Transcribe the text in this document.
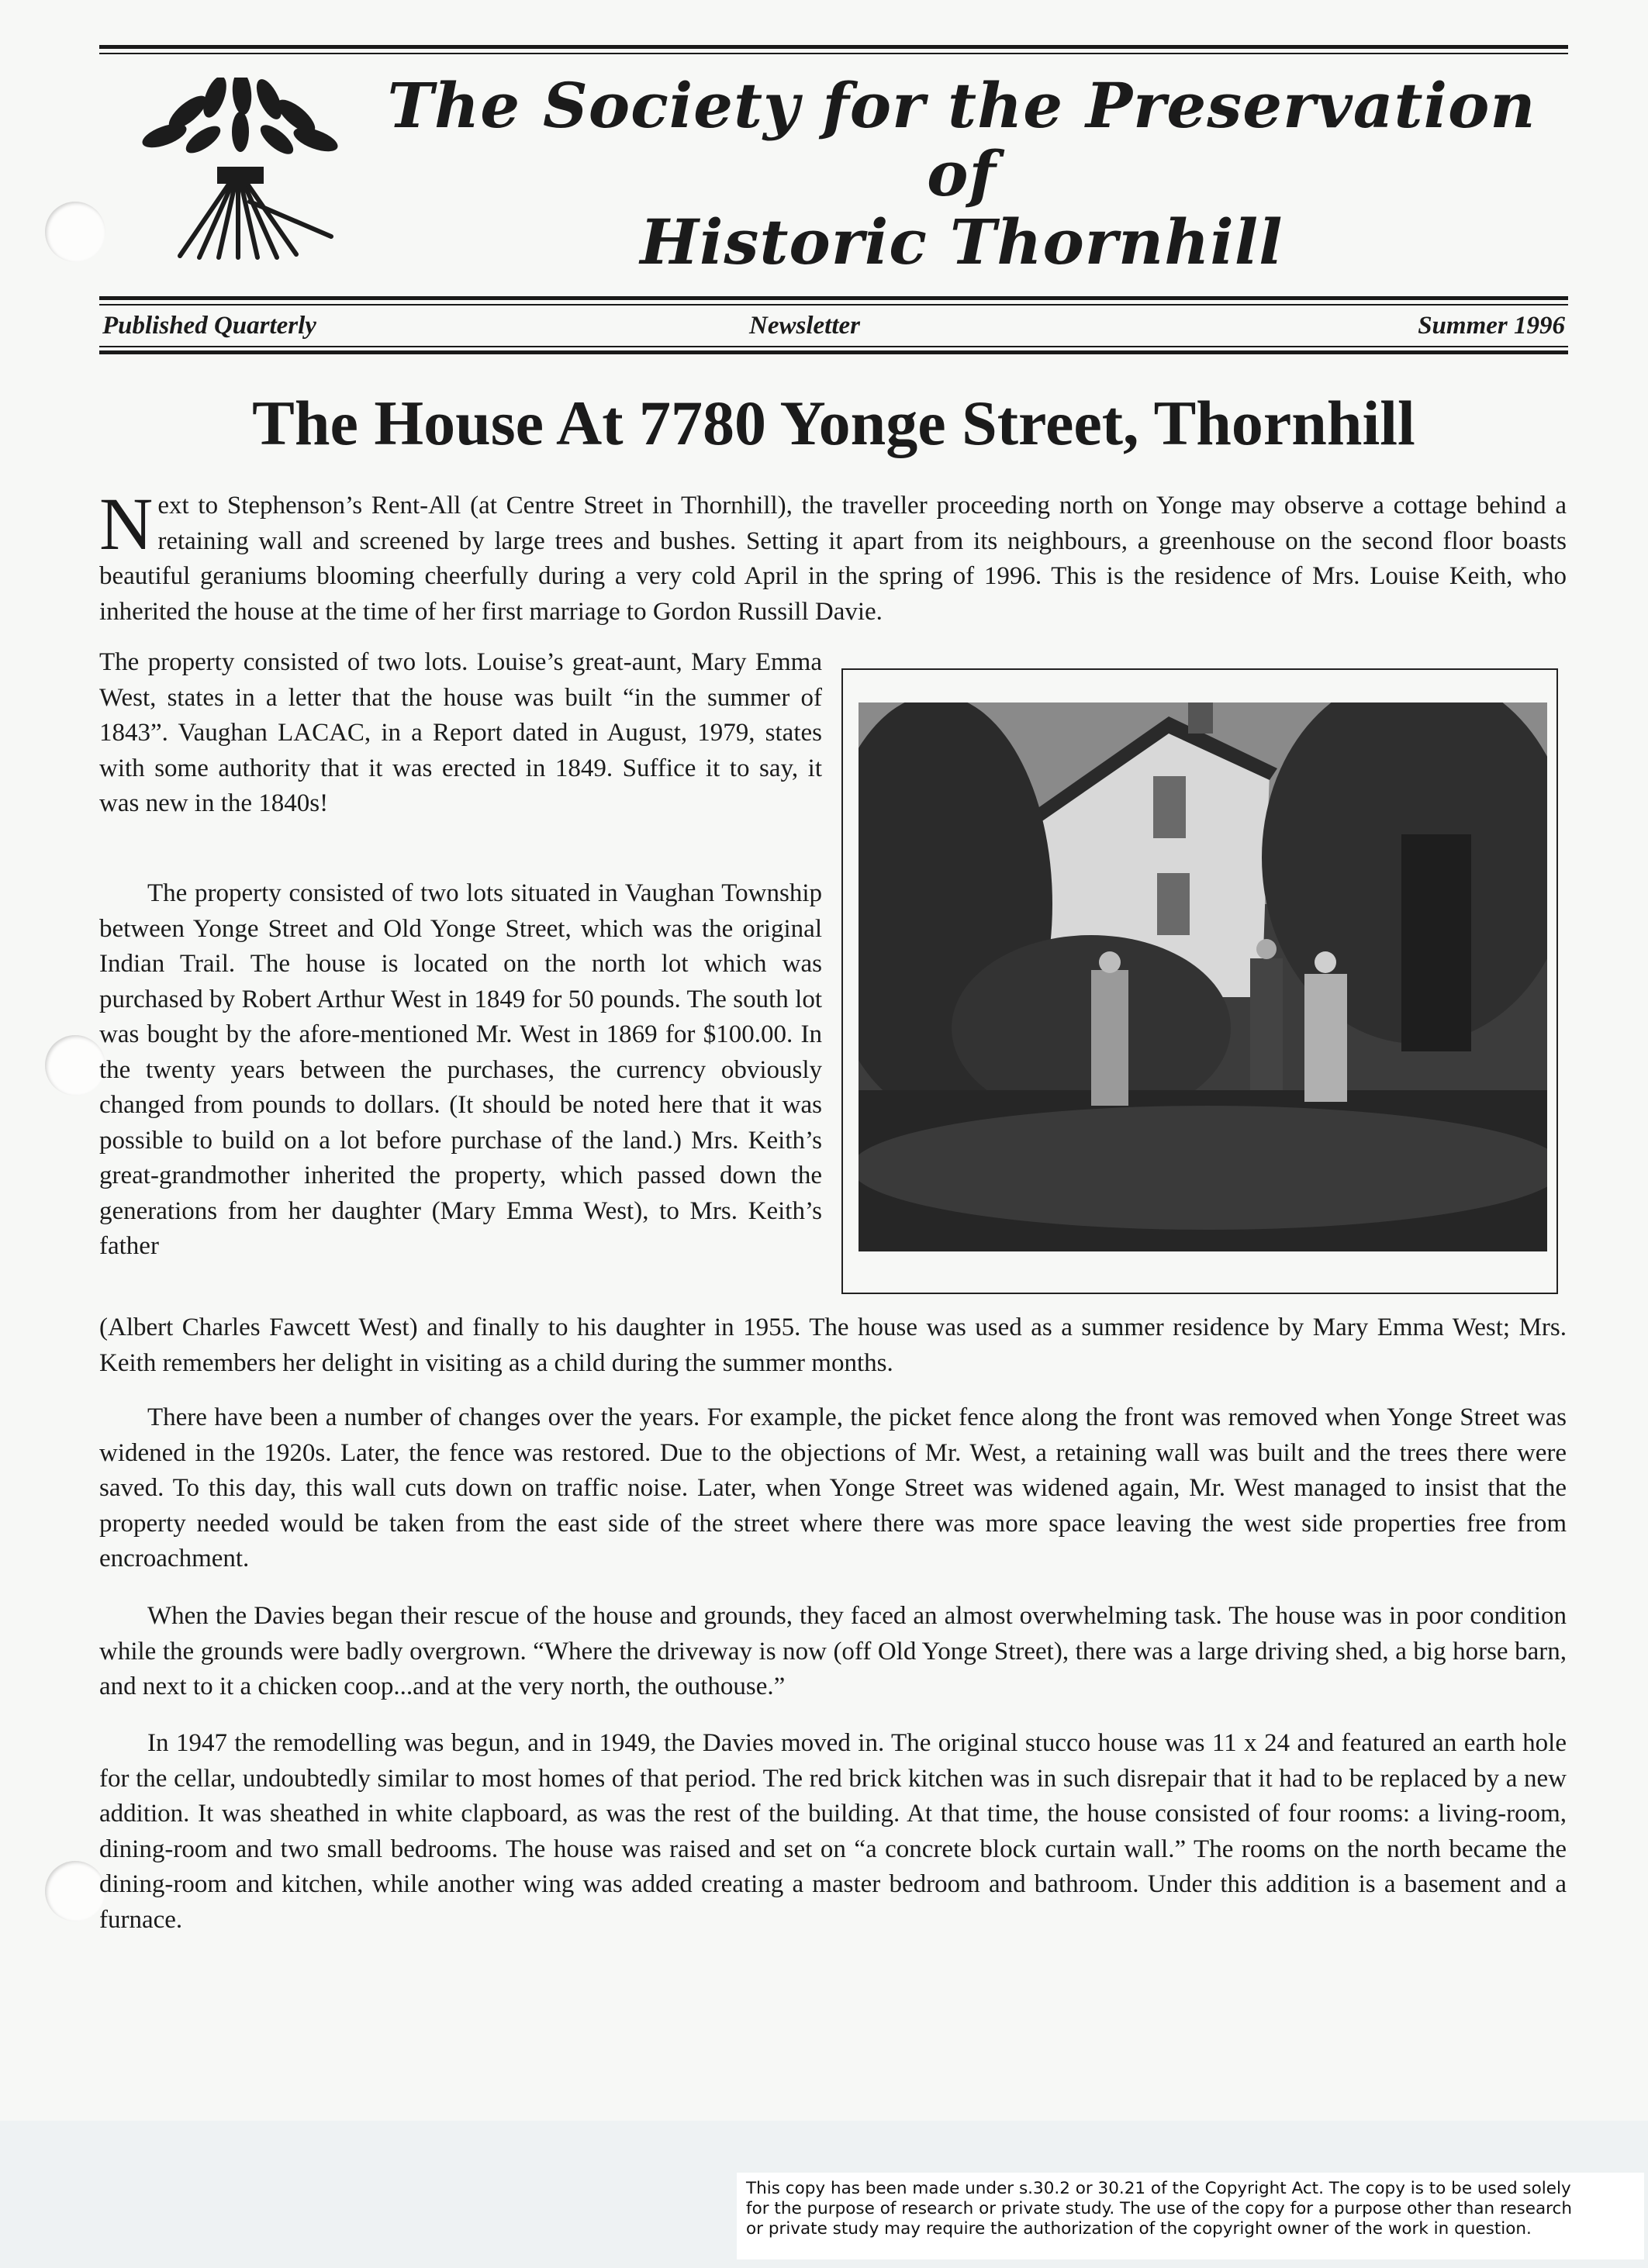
The Society for the Preservation of
Historic Thornhill
Published Quarterly	Newsletter	Summer 1996
The House At 7780 Yonge Street, Thornhill

Next to Stephenson’s Rent-All (at Centre Street in Thornhill), the traveller proceeding north on Yonge may observe a cottage behind a retaining wall and screened by large trees and bushes. Setting it apart from its neighbours, a greenhouse on the second floor boasts beautiful geraniums blooming cheerfully during a very cold April in the spring of 1996. This is the residence of Mrs. Louise Keith, who inherited the house at the time of her first marriage to Gordon Russill Davie.

The property consisted of two lots. Louise’s great-aunt, Mary Emma West, states in a letter that the house was built “in the summer of 1843”. Vaughan LACAC, in a Report dated in August, 1979, states with some authority that it was erected in 1849. Suffice it to say, it was new in the 1840s!

The property consisted of two lots situated in Vaughan Township between Yonge Street and Old Yonge Street, which was the original Indian Trail. The house is located on the north lot which was purchased by Robert Arthur West in 1849 for 50 pounds. The south lot was bought by the afore-mentioned Mr. West in 1869 for $100.00. In the twenty years between the purchases, the currency obviously changed from pounds to dollars. (It should be noted here that it was possible to build on a lot before purchase of the land.) Mrs. Keith’s great-grandmother inherited the property, which passed down the generations from her daughter (Mary Emma West), to Mrs. Keith’s father

(Albert Charles Fawcett West) and finally to his daughter in 1955. The house was used as a summer residence by Mary Emma West; Mrs. Keith remembers her delight in visiting as a child during the summer months.

There have been a number of changes over the years. For example, the picket fence along the front was removed when Yonge Street was widened in the 1920s. Later, the fence was restored. Due to the objections of Mr. West, a retaining wall was built and the trees there were saved. To this day, this wall cuts down on traffic noise. Later, when Yonge Street was widened again, Mr. West managed to insist that the property needed would be taken from the east side of the street where there was more space leaving the west side properties free from encroachment.

When the Davies began their rescue of the house and grounds, they faced an almost overwhelming task. The house was in poor condition while the grounds were badly overgrown. “Where the driveway is now (off Old Yonge Street), there was a large driving shed, a big horse barn, and next to it a chicken coop...and at the very north, the outhouse.”

In 1947 the remodelling was begun, and in 1949, the Davies moved in. The original stucco house was 11 x 24 and featured an earth hole for the cellar, undoubtedly similar to most homes of that period. The red brick kitchen was in such disrepair that it had to be replaced by a new addition. It was sheathed in white clapboard, as was the rest of the building. At that time, the house consisted of four rooms: a living-room, dining-room and two small bedrooms. The house was raised and set on “a concrete block curtain wall.” The rooms on the north became the dining-room and kitchen, while another wing was added creating a master bedroom and bathroom. Under this addition is a basement and a furnace.

This copy has been made under s.30.2 or 30.21 of the Copyright Act. The copy is to be used solely
for the purpose of research or private study. The use of the copy for a purpose other than research
or private study may require the authorization of the copyright owner of the work in question.
